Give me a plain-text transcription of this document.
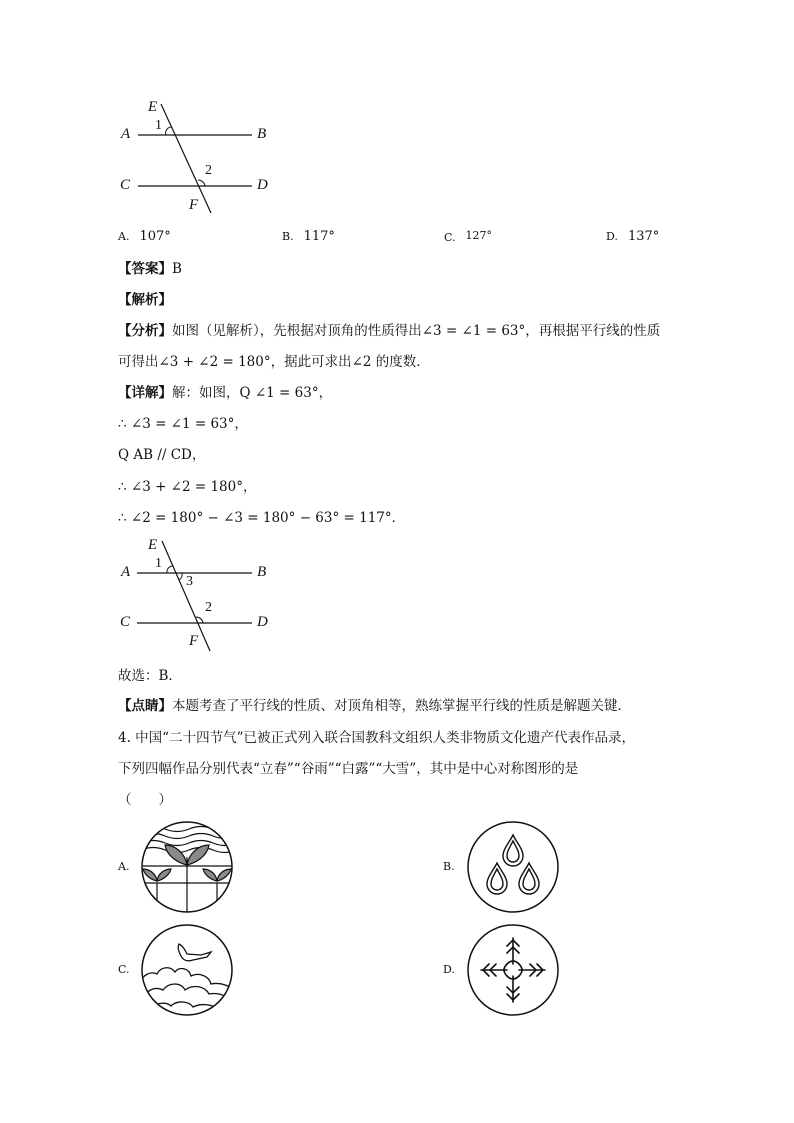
E
A	B
C	D
F
1
2
A. 107°	B. 117°	C. 127°	D. 137°
【答案】B
【解析】
【分析】如图（见解析），先根据对顶角的性质得出∠3 = ∠1 = 63°，再根据平行线的性质
可得出∠3 + ∠2 = 180°，据此可求出∠2 的度数．
【详解】解：如图，Q ∠1 = 63°，
∴ ∠3 = ∠1 = 63°，
Q AB // CD，
∴ ∠3 + ∠2 = 180°，
∴ ∠2 = 180° − ∠3 = 180° − 63° = 117°．
E
A	B
C	D
F
1
3
2
故选：B．
【点睛】本题考查了平行线的性质、对顶角相等，熟练掌握平行线的性质是解题关键．
4. 中国“二十四节气”已被正式列入联合国教科文组织人类非物质文化遗产代表作品录，
下列四幅作品分别代表“立春”“谷雨”“白露”“大雪”，其中是中心对称图形的是
（　　）
A.	B.
C.	D.
